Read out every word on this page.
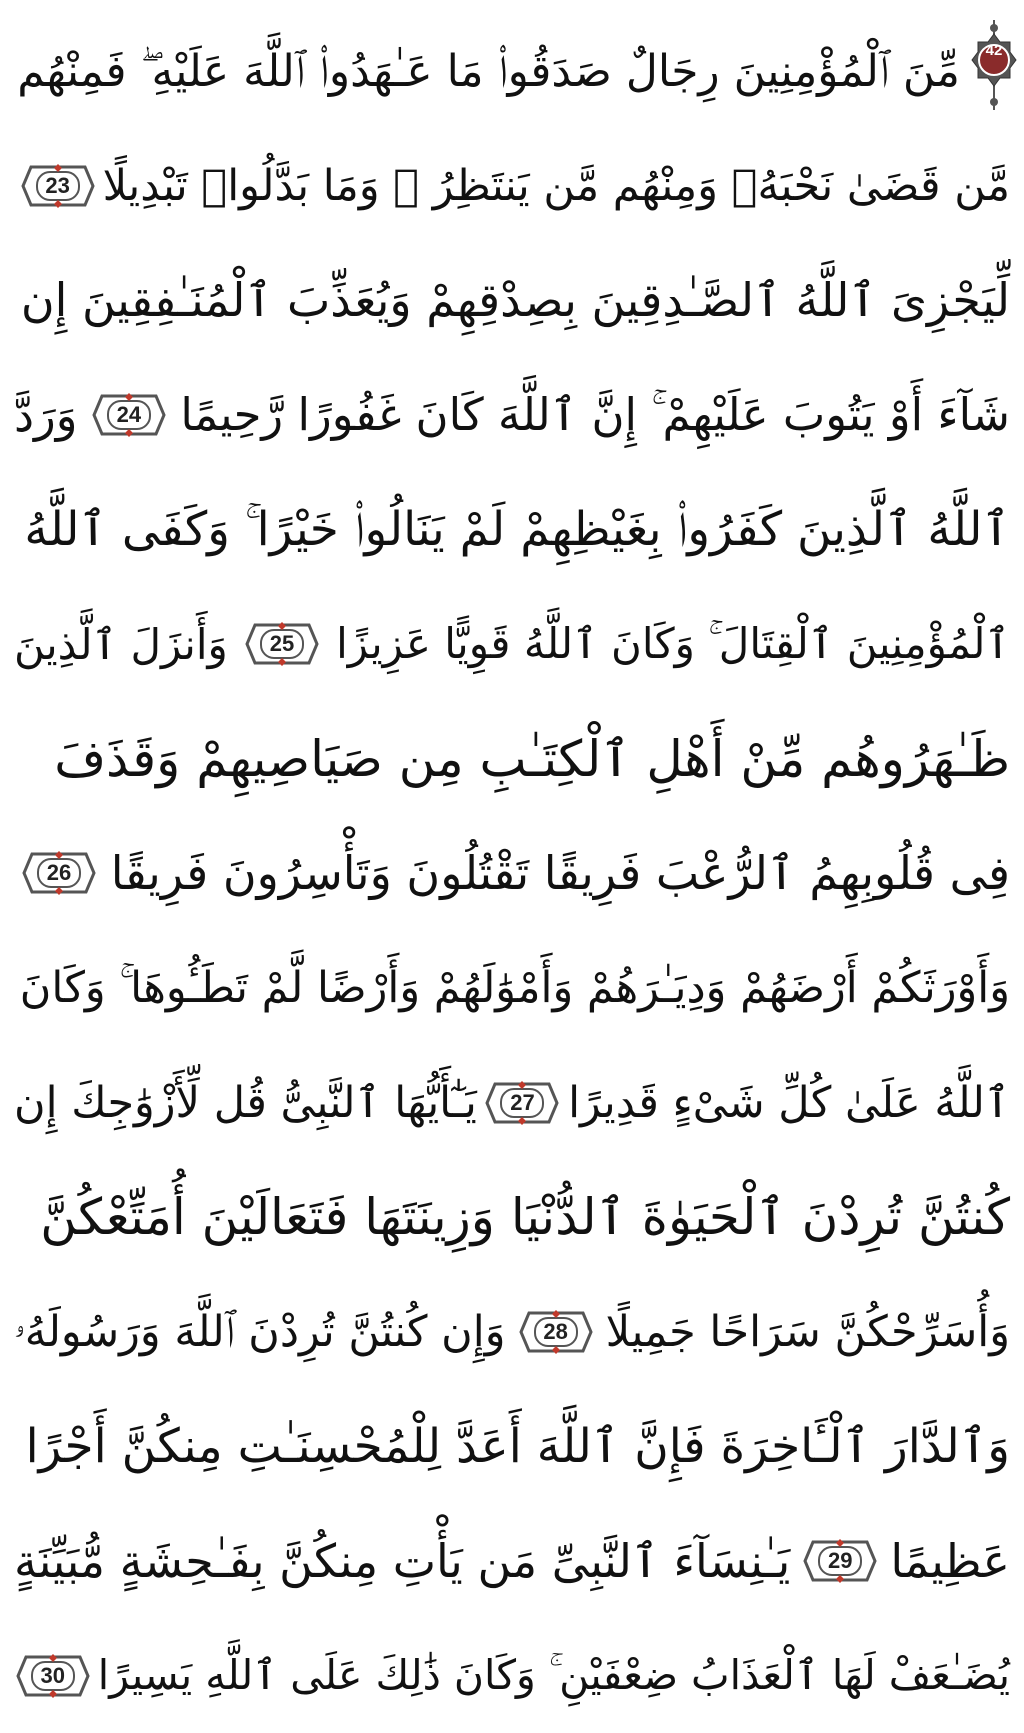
42
مِّنَ ٱلْمُؤْمِنِينَ رِجَالٌ صَدَقُوا۟ مَا عَـٰهَدُوا۟ ٱللَّهَ عَلَيْهِ ۖ فَمِنْهُم
مَّن قَضَىٰ نَحْبَهُۥ وَمِنْهُم مَّن يَنتَظِرُ ۖ وَمَا بَدَّلُوا۟ تَبْدِيلًا
23
لِّيَجْزِىَ ٱللَّهُ ٱلصَّـٰدِقِينَ بِصِدْقِهِمْ وَيُعَذِّبَ ٱلْمُنَـٰفِقِينَ إِن
شَآءَ أَوْ يَتُوبَ عَلَيْهِمْ ۚ إِنَّ ٱللَّهَ كَانَ غَفُورًا رَّحِيمًا
24
وَرَدَّ
ٱللَّهُ ٱلَّذِينَ كَفَرُوا۟ بِغَيْظِهِمْ لَمْ يَنَالُوا۟ خَيْرًا ۚ وَكَفَى ٱللَّهُ
ٱلْمُؤْمِنِينَ ٱلْقِتَالَ ۚ وَكَانَ ٱللَّهُ قَوِيًّا عَزِيزًا
25
وَأَنزَلَ ٱلَّذِينَ
ظَـٰهَرُوهُم مِّنْ أَهْلِ ٱلْكِتَـٰبِ مِن صَيَاصِيهِمْ وَقَذَفَ
فِى قُلُوبِهِمُ ٱلرُّعْبَ فَرِيقًا تَقْتُلُونَ وَتَأْسِرُونَ فَرِيقًا
26
وَأَوْرَثَكُمْ أَرْضَهُمْ وَدِيَـٰرَهُمْ وَأَمْوَٰلَهُمْ وَأَرْضًا لَّمْ تَطَـُٔوهَا ۚ وَكَانَ
ٱللَّهُ عَلَىٰ كُلِّ شَىْءٍ قَدِيرًا
27
يَـٰٓأَيُّهَا ٱلنَّبِىُّ قُل لِّأَزْوَٰجِكَ إِن
كُنتُنَّ تُرِدْنَ ٱلْحَيَوٰةَ ٱلدُّنْيَا وَزِينَتَهَا فَتَعَالَيْنَ أُمَتِّعْكُنَّ
وَأُسَرِّحْكُنَّ سَرَاحًا جَمِيلًا
28
وَإِن كُنتُنَّ تُرِدْنَ ٱللَّهَ وَرَسُولَهُۥ
وَٱلدَّارَ ٱلْـَٔاخِرَةَ فَإِنَّ ٱللَّهَ أَعَدَّ لِلْمُحْسِنَـٰتِ مِنكُنَّ أَجْرًا
عَظِيمًا
29
يَـٰنِسَآءَ ٱلنَّبِىِّ مَن يَأْتِ مِنكُنَّ بِفَـٰحِشَةٍ مُّبَيِّنَةٍ
يُضَـٰعَفْ لَهَا ٱلْعَذَابُ ضِعْفَيْنِ ۚ وَكَانَ ذَٰلِكَ عَلَى ٱللَّهِ يَسِيرًا
30
